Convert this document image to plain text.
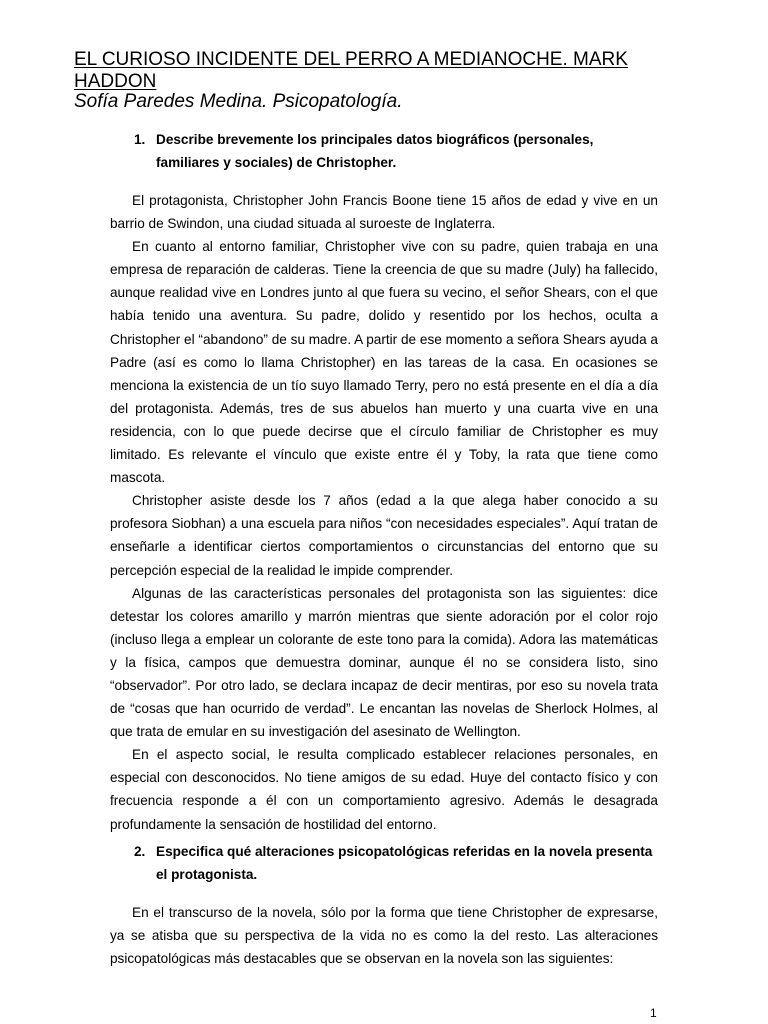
EL CURIOSO INCIDENTE DEL PERRO A MEDIANOCHE. MARK HADDON
Sofía Paredes Medina. Psicopatología.
1. Describe brevemente los principales datos biográficos (personales, familiares y sociales) de Christopher.

El protagonista, Christopher John Francis Boone tiene 15 años de edad y vive en un barrio de Swindon, una ciudad situada al suroeste de Inglaterra.

En cuanto al entorno familiar, Christopher vive con su padre, quien trabaja en una empresa de reparación de calderas. Tiene la creencia de que su madre (July) ha fallecido, aunque realidad vive en Londres junto al que fuera su vecino, el señor Shears, con el que había tenido una aventura. Su padre, dolido y resentido por los hechos, oculta a Christopher el “abandono” de su madre. A partir de ese momento a señora Shears ayuda a Padre (así es como lo llama Christopher) en las tareas de la casa. En ocasiones se menciona la existencia de un tío suyo llamado Terry, pero no está presente en el día a día del protagonista. Además, tres de sus abuelos han muerto y una cuarta vive en una residencia, con lo que puede decirse que el círculo familiar de Christopher es muy limitado. Es relevante el vínculo que existe entre él y Toby, la rata que tiene como mascota.

Christopher asiste desde los 7 años (edad a la que alega haber conocido a su profesora Siobhan) a una escuela para niños “con necesidades especiales”. Aquí tratan de enseñarle a identificar ciertos comportamientos o circunstancias del entorno que su percepción especial de la realidad le impide comprender.

Algunas de las características personales del protagonista son las siguientes: dice detestar los colores amarillo y marrón mientras que siente adoración por el color rojo (incluso llega a emplear un colorante de este tono para la comida). Adora las matemáticas y la física, campos que demuestra dominar, aunque él no se considera listo, sino “observador”. Por otro lado, se declara incapaz de decir mentiras, por eso su novela trata de “cosas que han ocurrido de verdad”. Le encantan las novelas de Sherlock Holmes, al que trata de emular en su investigación del asesinato de Wellington.

En el aspecto social, le resulta complicado establecer relaciones personales, en especial con desconocidos. No tiene amigos de su edad. Huye del contacto físico y con frecuencia responde a él con un comportamiento agresivo. Además le desagrada profundamente la sensación de hostilidad del entorno.

2. Especifica qué alteraciones psicopatológicas referidas en la novela presenta el protagonista.

En el transcurso de la novela, sólo por la forma que tiene Christopher de expresarse, ya se atisba que su perspectiva de la vida no es como la del resto. Las alteraciones psicopatológicas más destacables que se observan en la novela son las siguientes:

1
